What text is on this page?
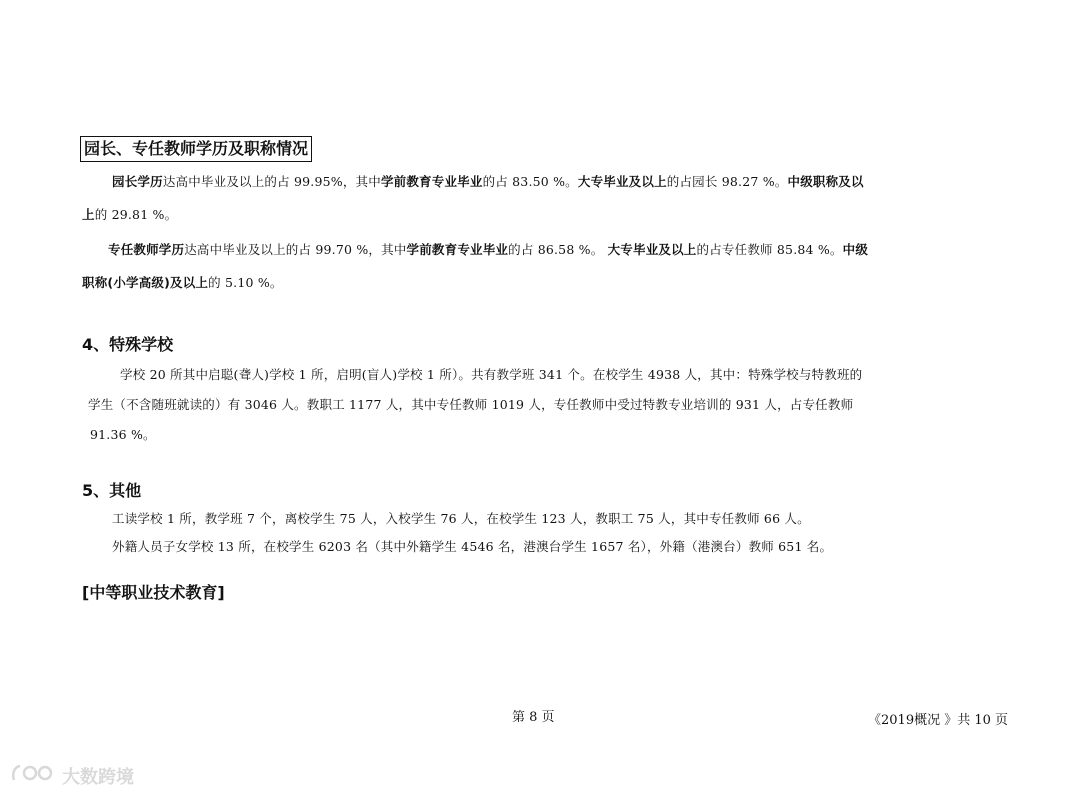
园长、专任教师学历及职称情况
园长学历达高中毕业及以上的占 99.95%，其中学前教育专业毕业的占 83.50 %。大专毕业及以上的占园长 98.27 %。中级职称及以
上的 29.81 %。
专任教师学历达高中毕业及以上的占 99.70 %，其中学前教育专业毕业的占 86.58 %。 大专毕业及以上的占专任教师 85.84 %。中级
职称(小学高级)及以上的 5.10 %。
4、特殊学校
学校 20 所其中启聪(聋人)学校 1 所，启明(盲人)学校 1 所）。共有教学班 341 个。在校学生 4938 人，其中：特殊学校与特教班的
学生（不含随班就读的）有 3046 人。教职工 1177 人，其中专任教师 1019 人，专任教师中受过特教专业培训的 931 人，占专任教师
91.36 %。
5、其他
工读学校 1 所，教学班 7 个，离校学生 75 人，入校学生 76 人，在校学生 123 人，教职工 75 人，其中专任教师 66 人。
外籍人员子女学校 13 所，在校学生 6203 名（其中外籍学生 4546 名，港澳台学生 1657 名），外籍（港澳台）教师 651 名。
[中等职业技术教育]
第 8 页	《2019概况 》共 10 页
大数跨境
